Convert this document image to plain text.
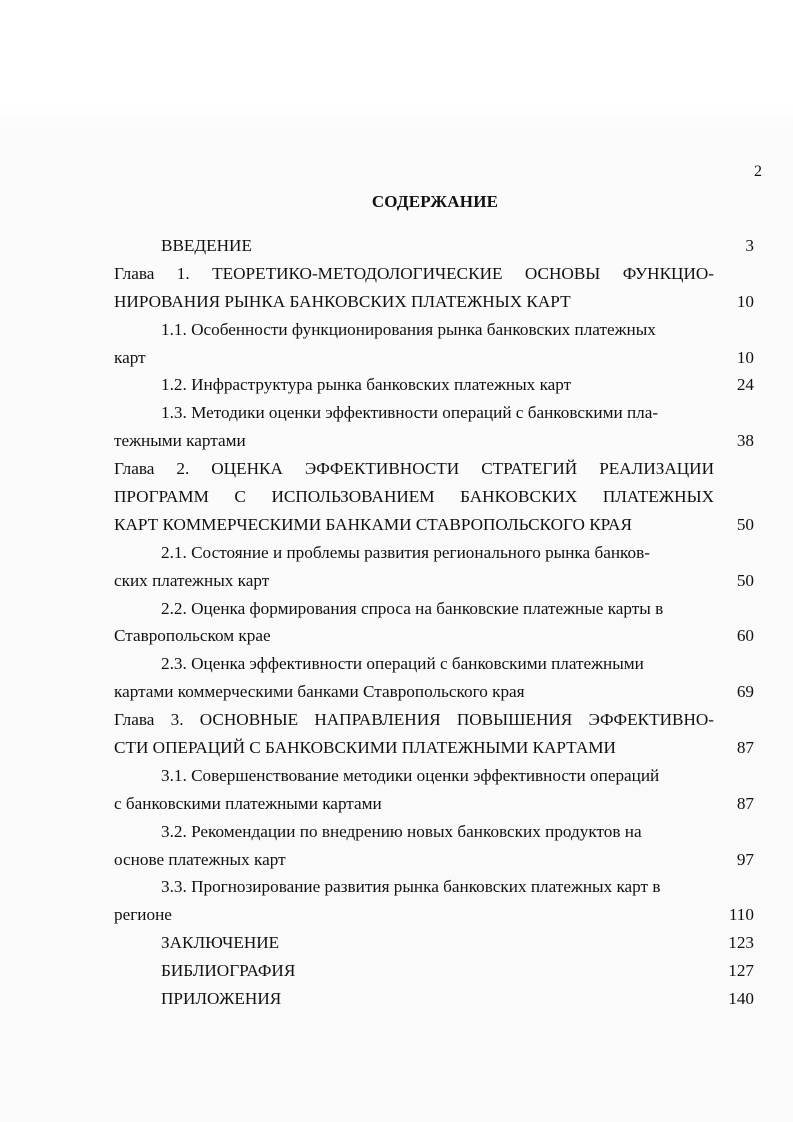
2
СОДЕРЖАНИЕ
ВВЕДЕНИЕ	3
Глава 1. ТЕОРЕТИКО-МЕТОДОЛОГИЧЕСКИЕ ОСНОВЫ ФУНКЦИО-
НИРОВАНИЯ РЫНКА БАНКОВСКИХ ПЛАТЕЖНЫХ КАРТ	10
1.1. Особенности функционирования рынка банковских платежных
карт	10
1.2. Инфраструктура рынка банковских платежных карт	24
1.3. Методики оценки эффективности операций с банковскими пла-
тежными картами	38
Глава 2. ОЦЕНКА ЭФФЕКТИВНОСТИ СТРАТЕГИЙ РЕАЛИЗАЦИИ
ПРОГРАММ С ИСПОЛЬЗОВАНИЕМ БАНКОВСКИХ ПЛАТЕЖНЫХ
КАРТ КОММЕРЧЕСКИМИ БАНКАМИ СТАВРОПОЛЬСКОГО КРАЯ	50
2.1. Состояние и проблемы развития регионального рынка банков-
ских платежных карт	50
2.2. Оценка формирования спроса на банковские платежные карты в
Ставропольском крае	60
2.3. Оценка эффективности операций с банковскими платежными
картами коммерческими банками Ставропольского края	69
Глава 3. ОСНОВНЫЕ НАПРАВЛЕНИЯ ПОВЫШЕНИЯ ЭФФЕКТИВНО-
СТИ ОПЕРАЦИЙ С БАНКОВСКИМИ ПЛАТЕЖНЫМИ КАРТАМИ	87
3.1. Совершенствование методики оценки эффективности операций
с банковскими платежными картами	87
3.2. Рекомендации по внедрению новых банковских продуктов на
основе платежных карт	97
3.3. Прогнозирование развития рынка банковских платежных карт в
регионе	110
ЗАКЛЮЧЕНИЕ	123
БИБЛИОГРАФИЯ	127
ПРИЛОЖЕНИЯ	140
